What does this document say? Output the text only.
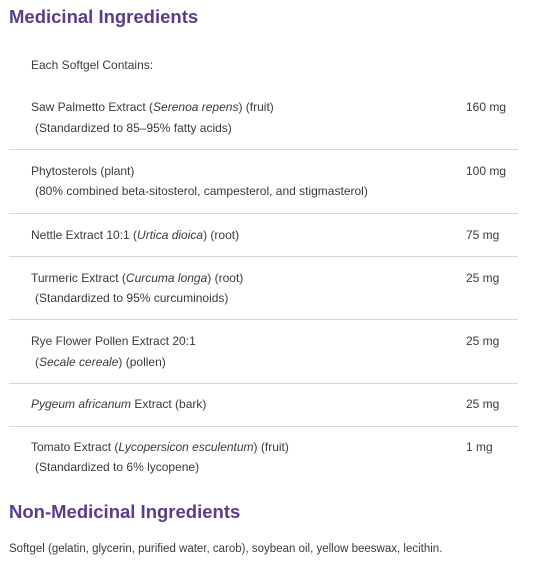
Medicinal Ingredients
Each Softgel Contains:
Saw Palmetto Extract (Serenoa repens) (fruit)
(Standardized to 85–95% fatty acids)
160 mg
Phytosterols (plant)
(80% combined beta-sitosterol, campesterol, and stigmasterol)
100 mg
Nettle Extract 10:1 (Urtica dioica) (root)	75 mg
Turmeric Extract (Curcuma longa) (root)
(Standardized to 95% curcuminoids)
25 mg
Rye Flower Pollen Extract 20:1
(Secale cereale) (pollen)
25 mg
Pygeum africanum Extract (bark)	25 mg
Tomato Extract (Lycopersicon esculentum) (fruit)
(Standardized to 6% lycopene)
1 mg
Non-Medicinal Ingredients
Softgel (gelatin, glycerin, purified water, carob), soybean oil, yellow beeswax, lecithin.
